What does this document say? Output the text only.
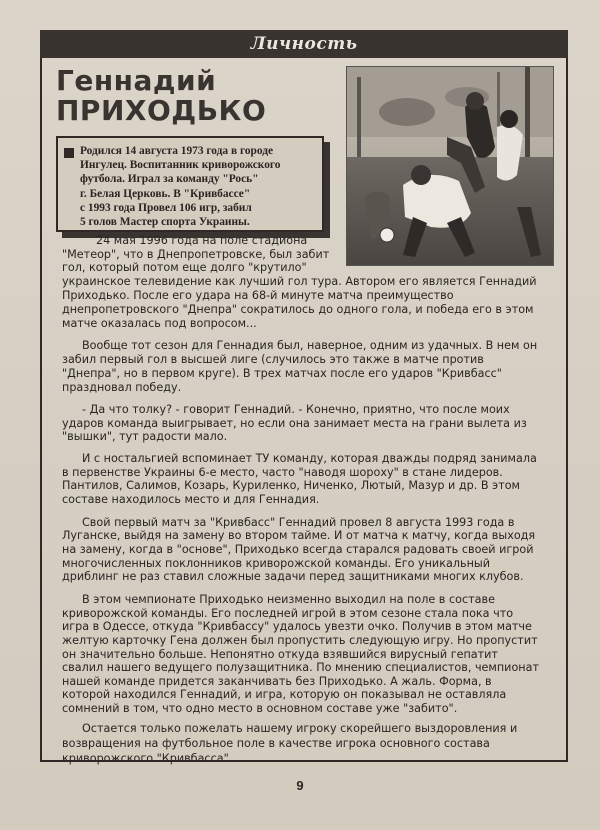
Личность
Геннадий
ПРИХОДЬКО

Родился 14 августа 1973 года в городе
Ингулец. Воспитанник криворожского
футбола. Играл за команду "Рось"
г. Белая Церковь. В "Кривбассе"
с 1993 года Провел 106 игр, забил
5 голов Мастер спорта Украины.

24 мая 1996 года на поле стадиона
"Метеор", что в Днепропетровске, был забит
гол, который потом еще долго "крутило"
украинское телевидение как лучший гол тура. Автором его является Геннадий
Приходько. После его удара на 68-й минуте матча преимущество
днепропетровского "Днепра" сократилось до одного гола, и победа его в этом
матче оказалась под вопросом...
Вообще тот сезон для Геннадия был, наверное, одним из удачных. В нем он
забил первый гол в высшей лиге (случилось это также в матче против
"Днепра", но в первом круге). В трех матчах после его ударов "Кривбасс"
праздновал победу.
- Да что толку? - говорит Геннадий. - Конечно, приятно, что после моих
ударов команда выигрывает, но если она занимает места на грани вылета из
"вышки", тут радости мало.
И с ностальгией вспоминает ТУ команду, которая дважды подряд занимала
в первенстве Украины 6-е место, часто "наводя шороху" в стане лидеров.
Пантилов, Салимов, Козарь, Куриленко, Ниченко, Лютый, Мазур и др. В этом
составе находилось место и для Геннадия.
Свой первый матч за "Кривбасс" Геннадий провел 8 августа 1993 года в
Луганске, выйдя на замену во втором тайме. И от матча к матчу, когда выходя
на замену, когда в "основе", Приходько всегда старался радовать своей игрой
многочисленных поклонников криворожской команды. Его уникальный
дриблинг не раз ставил сложные задачи перед защитниками многих клубов.
В этом чемпионате Приходько неизменно выходил на поле в составе
криворожской команды. Его последней игрой в этом сезоне стала пока что
игра в Одессе, откуда "Кривбассу" удалось увезти очко. Получив в этом матче
желтую карточку Гена должен был пропустить следующую игру. Но пропустит
он значительно больше. Непонятно откуда взявшийся вирусный гепатит
свалил нашего ведущего полузащитника. По мнению специалистов, чемпионат
нашей команде придется заканчивать без Приходько. А жаль. Форма, в
которой находился Геннадий, и игра, которую он показывал не оставляла
сомнений в том, что одно место в основном составе уже "забито".
9
Остается только пожелать нашему игроку скорейшего выздоровления и
возвращения на футбольное поле в качестве игрока основного состава
криворожского "Кривбасса".
